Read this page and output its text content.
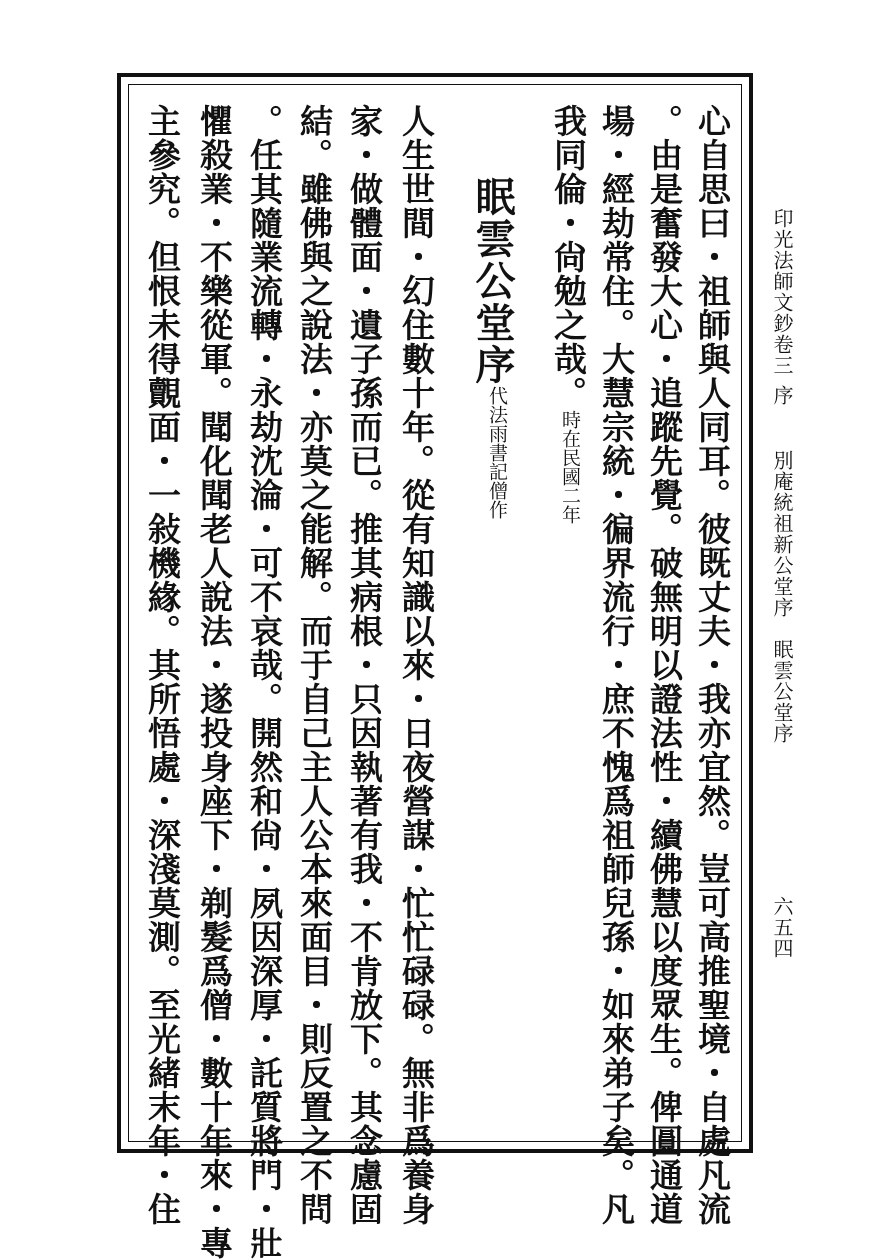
印光法師文鈔卷三
序
別庵統祖新公堂序　眠雲公堂序
六五四
心自思曰・祖師與人同耳。彼既丈夫・我亦宜然。豈可高推聖境・自處凡流
。由是奮發大心・追蹤先覺。破無明以證法性・續佛慧以度眾生。俾圓通道
場・經劫常住。大慧宗統・徧界流行・庶不愧爲祖師兒孫・如來弟子矣。凡
我同倫・尙勉之哉。
時在民國二年
眠雲公堂序
代法雨書記僧作
人生世間・幻住數十年。從有知識以來・日夜營謀・忙忙碌碌。無非爲養身
家・做體面・遺子孫而已。推其病根・只因執著有我・不肯放下。其念慮固
結。雖佛與之說法・亦莫之能解。而于自己主人公本來面目・則反置之不問
。任其隨業流轉・永劫沈淪・可不哀哉。開然和尙・夙因深厚・託質將門・壯
懼殺業・不樂從軍。聞化聞老人說法・遂投身座下・剃髮爲僧・數十年來・專
主參究。但恨未得覿面・一敍機緣。其所悟處・深淺莫測。至光緒末年・住
